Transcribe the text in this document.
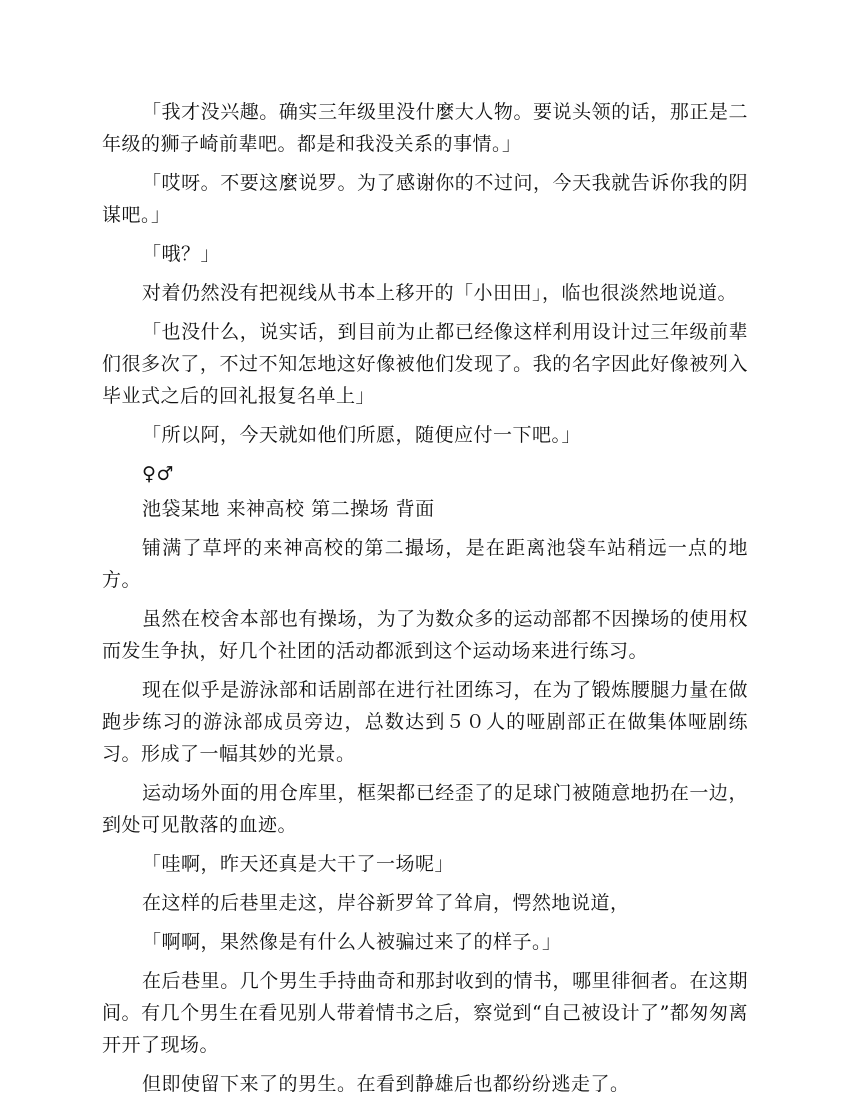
「我才没兴趣。确实三年级里没什麼大人物。要说头领的话，那正是二年级的狮子崎前辈吧。都是和我没关系的事情。」

「哎呀。不要这麼说罗。为了感谢你的不过问，今天我就告诉你我的阴谋吧。」

「哦？」

对着仍然没有把视线从书本上移开的「小田田」，临也很淡然地说道。

「也没什么，说实话，到目前为止都已经像这样利用设计过三年级前辈们很多次了，不过不知怎地这好像被他们发现了。我的名字因此好像被列入毕业式之后的回礼报复名单上」

「所以阿，今天就如他们所愿，随便应付一下吧。」

♀♂

池袋某地 来神高校 第二操场 背面

铺满了草坪的来神高校的第二撮场，是在距离池袋车站稍远一点的地方。

虽然在校舍本部也有操场，为了为数众多的运动部都不因操场的使用权而发生争执，好几个社团的活动都派到这个运动场来进行练习。

现在似乎是游泳部和话剧部在进行社团练习，在为了锻炼腰腿力量在做跑步练习的游泳部成员旁边，总数达到５０人的哑剧部正在做集体哑剧练习。形成了一幅其妙的光景。

运动场外面的用仓库里，框架都已经歪了的足球门被随意地扔在一边，到处可见散落的血迹。

「哇啊，昨天还真是大干了一场呢」

在这样的后巷里走这，岸谷新罗耸了耸肩，愕然地说道，

「啊啊，果然像是有什么人被骗过来了的样子。」

在后巷里。几个男生手持曲奇和那封收到的情书，哪里徘徊者。在这期间。有几个男生在看见别人带着情书之后，察觉到“自己被设计了”都匆匆离开开了现场。

但即使留下来了的男生。在看到静雄后也都纷纷逃走了。
